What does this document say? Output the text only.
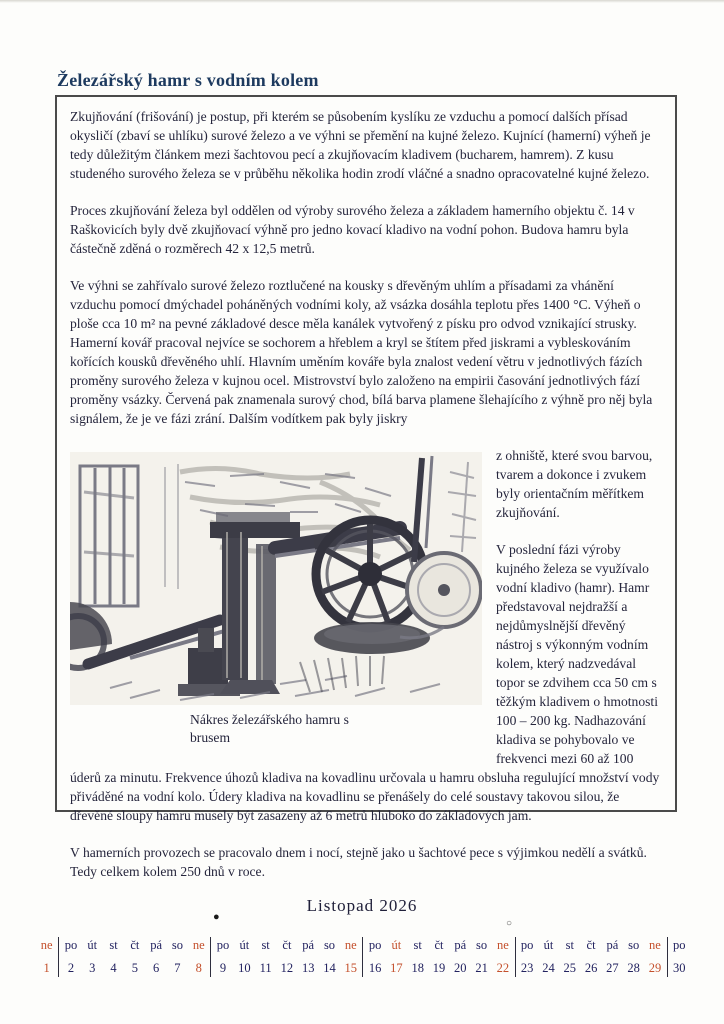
Železářský hamr s vodním kolem

Zkujňování (frišování) je postup, při kterém se působením kyslíku ze vzduchu a pomocí dalších přísad okysličí (zbaví se uhlíku) surové železo a ve výhni se přemění na kujné železo. Kujnící (hamerní) výheň je tedy důležitým článkem mezi šachtovou pecí a zkujňovacím kladivem (bucharem, hamrem). Z kusu studeného surového železa se v průběhu několika hodin zrodí vláčné a snadno opracovatelné kujné železo.

Proces zkujňování železa byl oddělen od výroby surového železa a základem hamerního objektu č. 14 v Raškovicích byly dvě zkujňovací výhně pro jedno kovací kladivo na vodní pohon. Budova hamru byla částečně zděná o rozměrech 42 x 12,5 metrů.

Ve výhni se zahřívalo surové železo roztlučené na kousky s dřevěným uhlím a přísadami za vhánění vzduchu pomocí dmýchadel poháněných vodními koly, až vsázka dosáhla teplotu přes 1400 °C. Výheň o ploše cca 10 m² na pevné základové desce měla kanálek vytvořený z písku pro odvod vznikající strusky. Hamerní kovář pracoval nejvíce se sochorem a hřeblem a kryl se štítem před jiskrami a vybleskováním kořících kousků dřevěného uhlí. Hlavním uměním kováře byla znalost vedení větru v jednotlivých fázích proměny surového železa v kujnou ocel. Mistrovství bylo založeno na empirii časování jednotlivých fází proměny vsázky. Červená pak znamenala surový chod, bílá barva plamene šlehajícího z výhně pro něj byla signálem, že je ve fázi zrání. Dalším vodítkem pak byly jiskry

Nákres železářského hamru s brusem

z ohniště, které svou barvou, tvarem a dokonce i zvukem byly orientačním měřítkem zkujňování.

V poslední fázi výroby kujného železa se využívalo vodní kladivo (hamr). Hamr představoval nejdražší a nejdůmyslnější dřevěný nástroj s výkonným vodním kolem, který nadzvedával topor se zdvihem cca 50 cm s těžkým kladivem o hmotnosti 100 – 200 kg. Nadhazování kladiva se pohybovalo ve frekvenci mezi 60 až 100 úderů za minutu. Frekvence úhozů kladiva na kovadlinu určovala u hamru obsluha regulující množství vody přiváděné na vodní kolo. Údery kladiva na kovadlinu se přenášely do celé soustavy takovou silou, že dřevěné sloupy hamru musely být zasazeny až 6 metrů hluboko do základových jam.

V hamerních provozech se pracovalo dnem i nocí, stejně jako u šachtové pece s výjimkou nedělí a svátků. Tedy celkem kolem 250 dnů v roce.

Listopad 2026
●
○
ne
1
po
2
út
3
st
4
čt
5
pá
6
so
7
ne
8
po
9
út
10
st
11
čt
12
pá
13
so
14
ne
15
po
16
út
17
st
18
čt
19
pá
20
so
21
ne
22
po
23
út
24
st
25
čt
26
pá
27
so
28
ne
29
po
30
